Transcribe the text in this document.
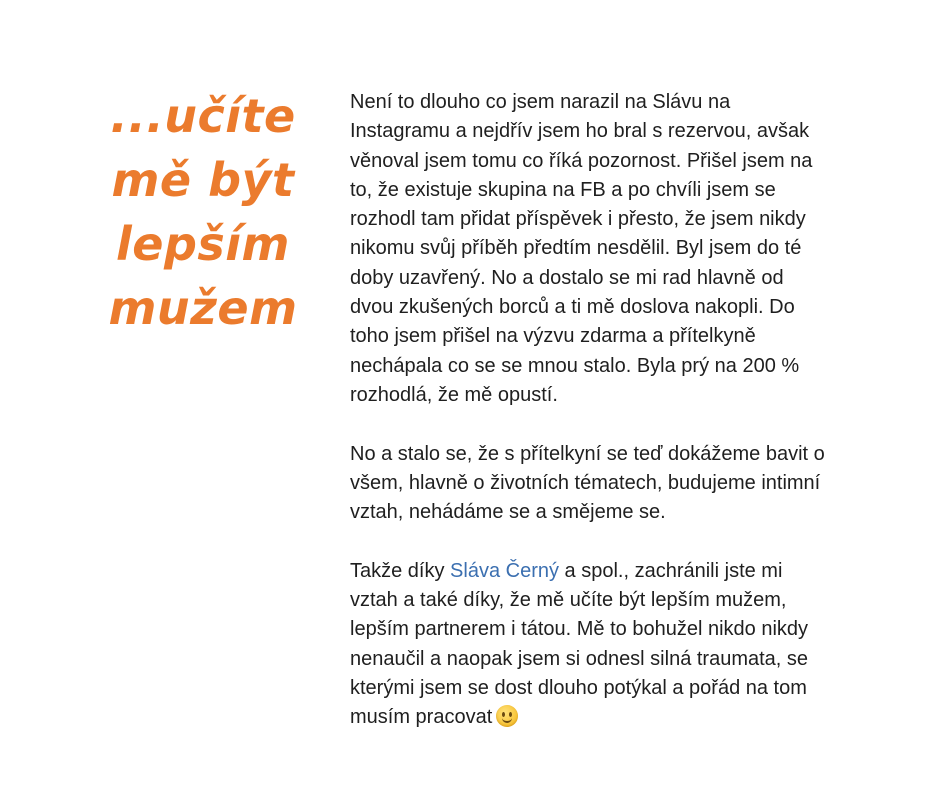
...učíte
mě být
lepším
mužem

Není to dlouho co jsem narazil na Slávu na
Instagramu a nejdřív jsem ho bral s rezervou, avšak
věnoval jsem tomu co říká pozornost. Přišel jsem na
to, že existuje skupina na FB a po chvíli jsem se
rozhodl tam přidat příspěvek i přesto, že jsem nikdy
nikomu svůj příběh předtím nesdělil. Byl jsem do té
doby uzavřený. No a dostalo se mi rad hlavně od
dvou zkušených borců a ti mě doslova nakopli. Do
toho jsem přišel na výzvu zdarma a přítelkyně
nechápala co se se mnou stalo. Byla prý na 200 %
rozhodlá, že mě opustí.

No a stalo se, že s přítelkyní se teď dokážeme bavit o
všem, hlavně o životních tématech, budujeme intimní
vztah, nehádáme se a smějeme se.

Takže díky Sláva Černý a spol., zachránili jste mi
vztah a také díky, že mě učíte být lepším mužem,
lepším partnerem i tátou. Mě to bohužel nikdo nikdy
nenaučil a naopak jsem si odnesl silná traumata, se
kterými jsem se dost dlouho potýkal a pořád na tom
musím pracovat
